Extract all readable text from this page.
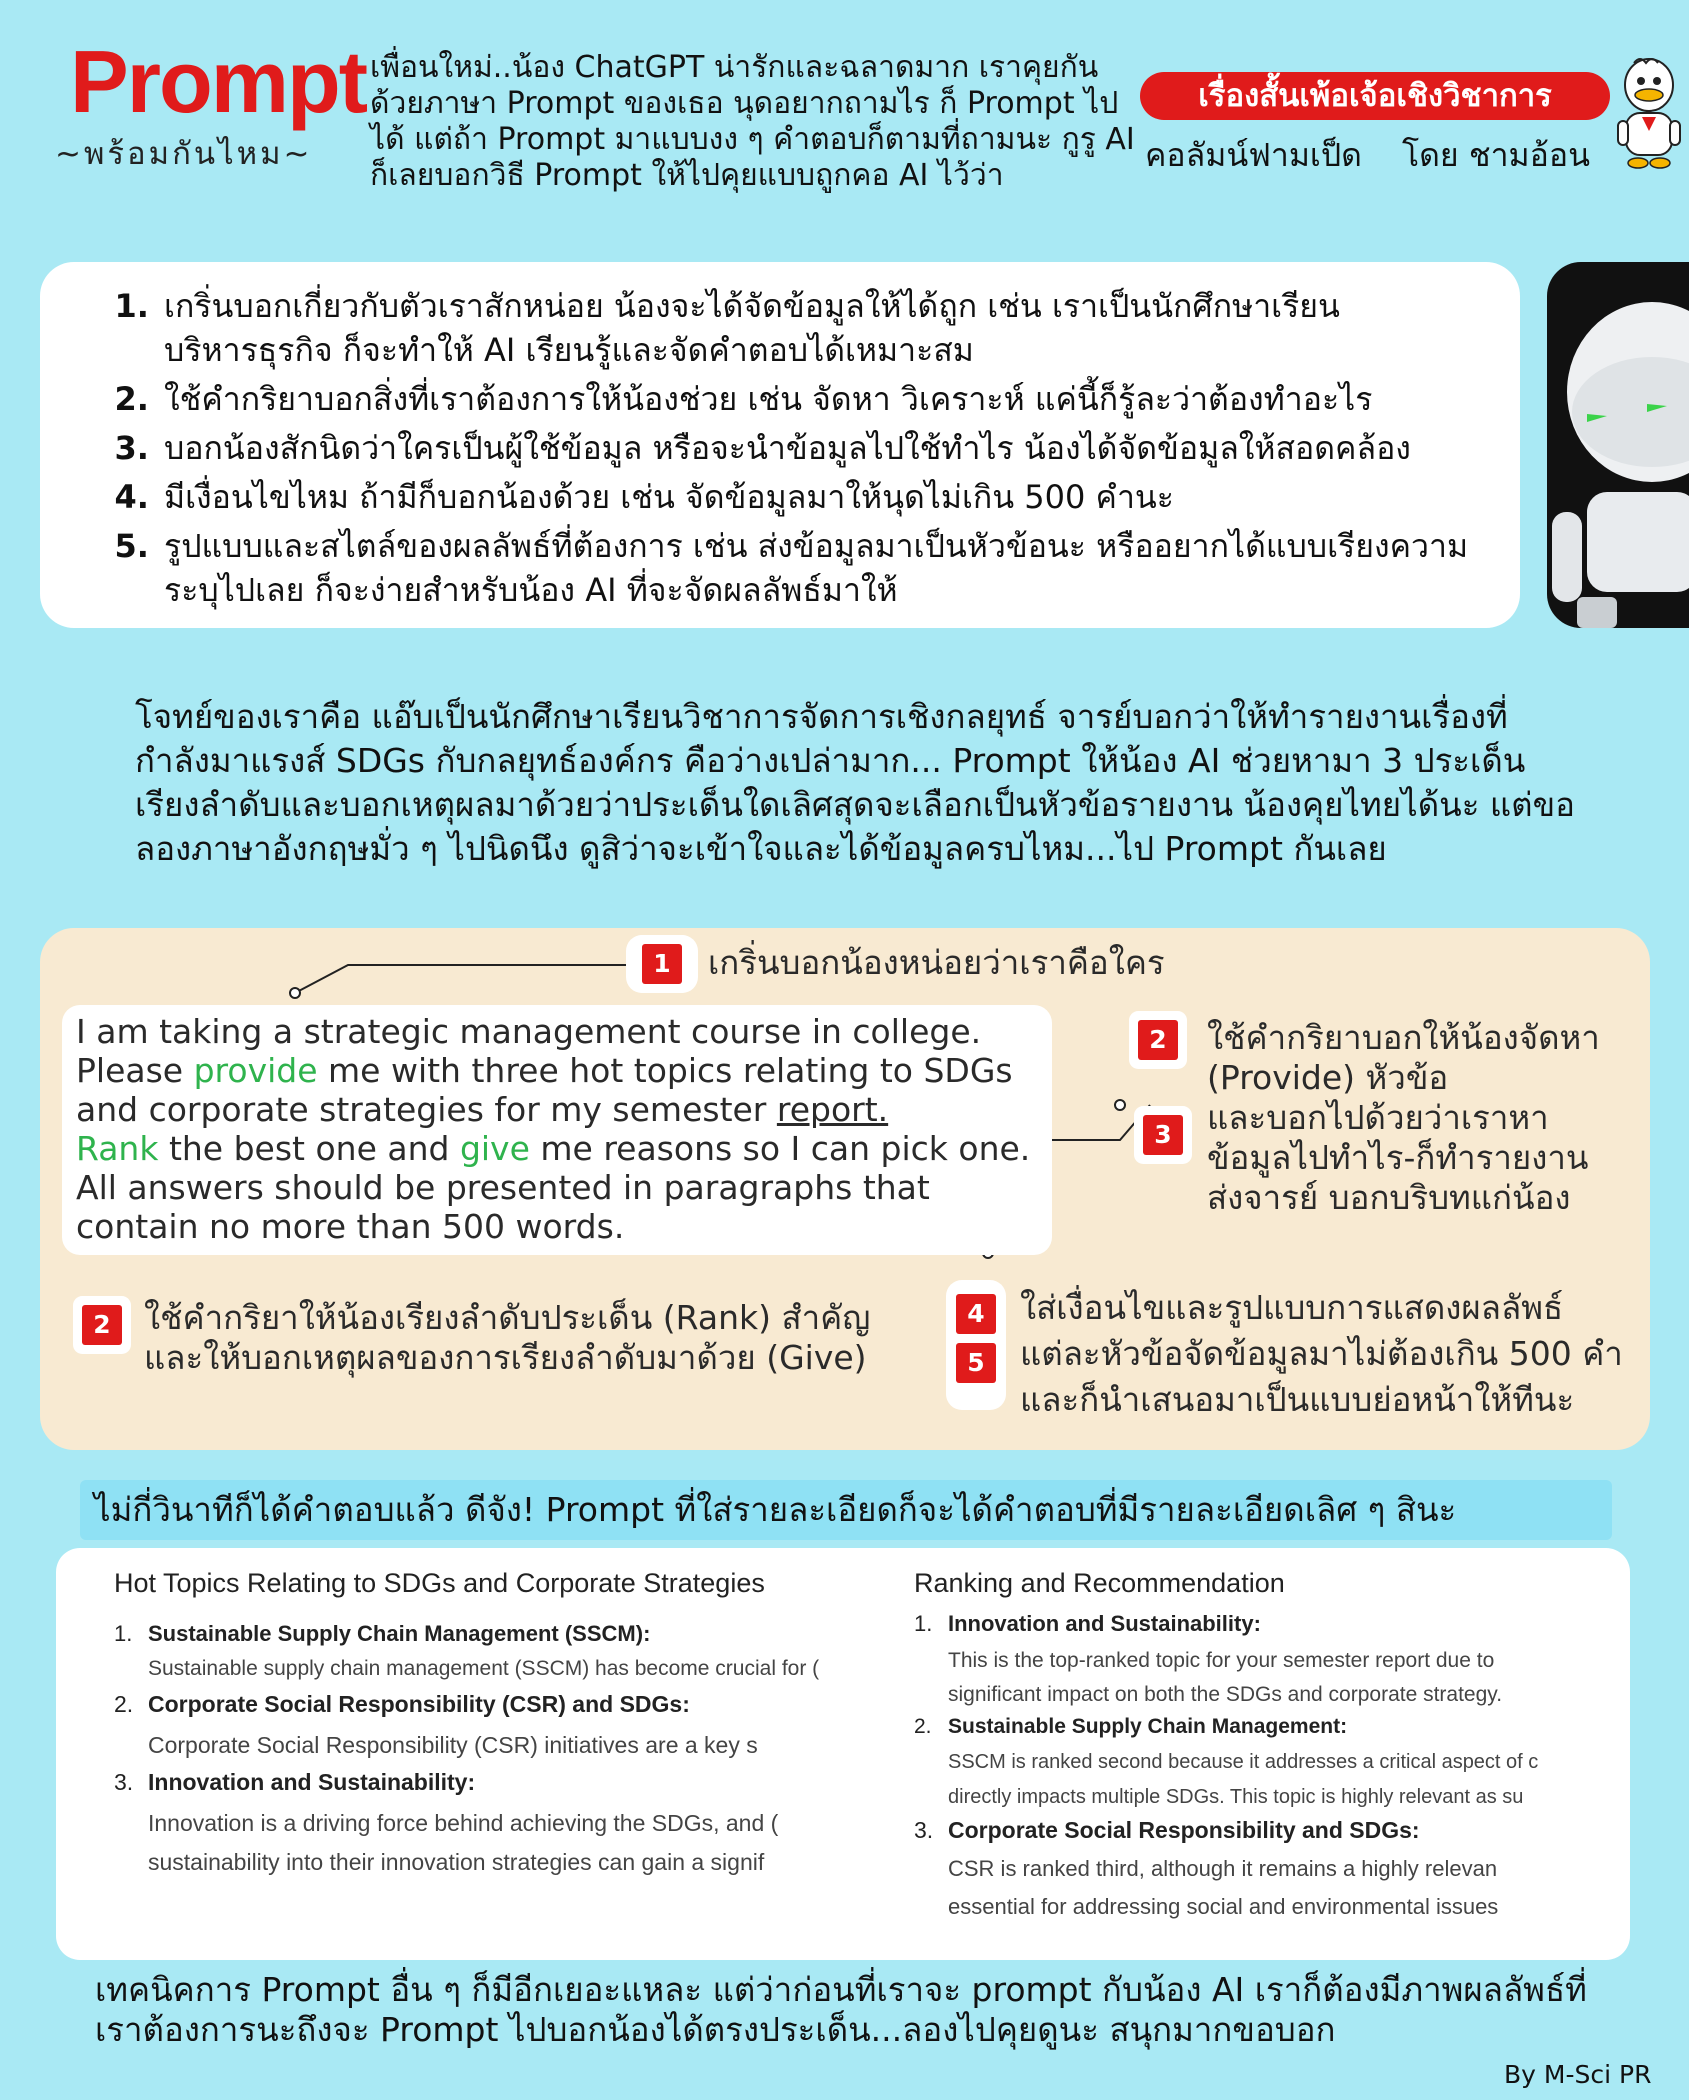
Prompt
~พร้อมกันไหม~
เพื่อนใหม่..น้อง ChatGPT น่ารักและฉลาดมาก เราคุยกันด้วยภาษา Prompt ของเธอ นุดอยากถามไร ก็ Prompt ไปได้ แต่ถ้า Prompt มาแบบงง ๆ คำตอบก็ตามที่ถามนะ กูรู AI ก็เลยบอกวิธี Prompt ให้ไปคุยแบบถูกคอ AI ไว้ว่า
เรื่องสั้นเพ้อเจ้อเชิงวิชาการ
คอลัมน์ฟามเป็ด โดย ชามอ้อน
1. เกริ่นบอกเกี่ยวกับตัวเราสักหน่อย น้องจะได้จัดข้อมูลให้ได้ถูก เช่น เราเป็นนักศึกษาเรียนบริหารธุรกิจ ก็จะทำให้ AI เรียนรู้และจัดคำตอบได้เหมาะสม
2. ใช้คำกริยาบอกสิ่งที่เราต้องการให้น้องช่วย เช่น จัดหา วิเคราะห์ แค่นี้ก็รู้ละว่าต้องทำอะไร
3. บอกน้องสักนิดว่าใครเป็นผู้ใช้ข้อมูล หรือจะนำข้อมูลไปใช้ทำไร น้องได้จัดข้อมูลให้สอดคล้อง
4. มีเงื่อนไขไหม ถ้ามีก็บอกน้องด้วย เช่น จัดข้อมูลมาให้นุดไม่เกิน 500 คำนะ
5. รูปแบบและสไตล์ของผลลัพธ์ที่ต้องการ เช่น ส่งข้อมูลมาเป็นหัวข้อนะ หรืออยากได้แบบเรียงความ ระบุไปเลย ก็จะง่ายสำหรับน้อง AI ที่จะจัดผลลัพธ์มาให้
โจทย์ของเราคือ แอ๊บเป็นนักศึกษาเรียนวิชาการจัดการเชิงกลยุทธ์ จารย์บอกว่าให้ทำรายงานเรื่องที่กำลังมาแรงส์ SDGs กับกลยุทธ์องค์กร คือว่างเปล่ามาก... Prompt ให้น้อง AI ช่วยหามา 3 ประเด็น เรียงลำดับและบอกเหตุผลมาด้วยว่าประเด็นใดเลิศสุดจะเลือกเป็นหัวข้อรายงาน น้องคุยไทยได้นะ แต่ขอลองภาษาอังกฤษมั่ว ๆ ไปนิดนึง ดูสิว่าจะเข้าใจและได้ข้อมูลครบไหม...ไป Prompt กันเลย
1	เกริ่นบอกน้องหน่อยว่าเราคือใคร
I am taking a strategic management course in college.
Please provide me with three hot topics relating to SDGs
and corporate strategies for my semester report.
Rank the best one and give me reasons so I can pick one.
All answers should be presented in paragraphs that
contain no more than 500 words.
2
3
ใช้คำกริยาบอกให้น้องจัดหา
(Provide) หัวข้อ
และบอกไปด้วยว่าเราหา
ข้อมูลไปทำไร-ก็ทำรายงาน
ส่งจารย์ บอกบริบทแก่น้อง
2	ใช้คำกริยาให้น้องเรียงลำดับประเด็น (Rank) สำคัญ
และให้บอกเหตุผลของการเรียงลำดับมาด้วย (Give)
4
5
ใส่เงื่อนไขและรูปแบบการแสดงผลลัพธ์
แต่ละหัวข้อจัดข้อมูลมาไม่ต้องเกิน 500 คำ
และก็นำเสนอมาเป็นแบบย่อหน้าให้ทีนะ
ไม่กี่วินาทีก็ได้คำตอบแล้ว ดีจัง! Prompt ที่ใส่รายละเอียดก็จะได้คำตอบที่มีรายละเอียดเลิศ ๆ สินะ
Hot Topics Relating to SDGs and Corporate Strategies
1. Sustainable Supply Chain Management (SSCM):
Sustainable supply chain management (SSCM) has become crucial for (
2. Corporate Social Responsibility (CSR) and SDGs:
Corporate Social Responsibility (CSR) initiatives are a key s
3. Innovation and Sustainability:
Innovation is a driving force behind achieving the SDGs, and (
sustainability into their innovation strategies can gain a signif
Ranking and Recommendation
1. Innovation and Sustainability:
This is the top-ranked topic for your semester report due to
significant impact on both the SDGs and corporate strategy.
2. Sustainable Supply Chain Management:
SSCM is ranked second because it addresses a critical aspect of c
directly impacts multiple SDGs. This topic is highly relevant as su
3. Corporate Social Responsibility and SDGs:
CSR is ranked third, although it remains a highly relevan
essential for addressing social and environmental issues
เทคนิคการ Prompt อื่น ๆ ก็มีอีกเยอะแหละ แต่ว่าก่อนที่เราจะ prompt กับน้อง AI เราก็ต้องมีภาพผลลัพธ์ที่เราต้องการนะถึงจะ Prompt ไปบอกน้องได้ตรงประเด็น...ลองไปคุยดูนะ สนุกมากขอบอก
By M-Sci PR
